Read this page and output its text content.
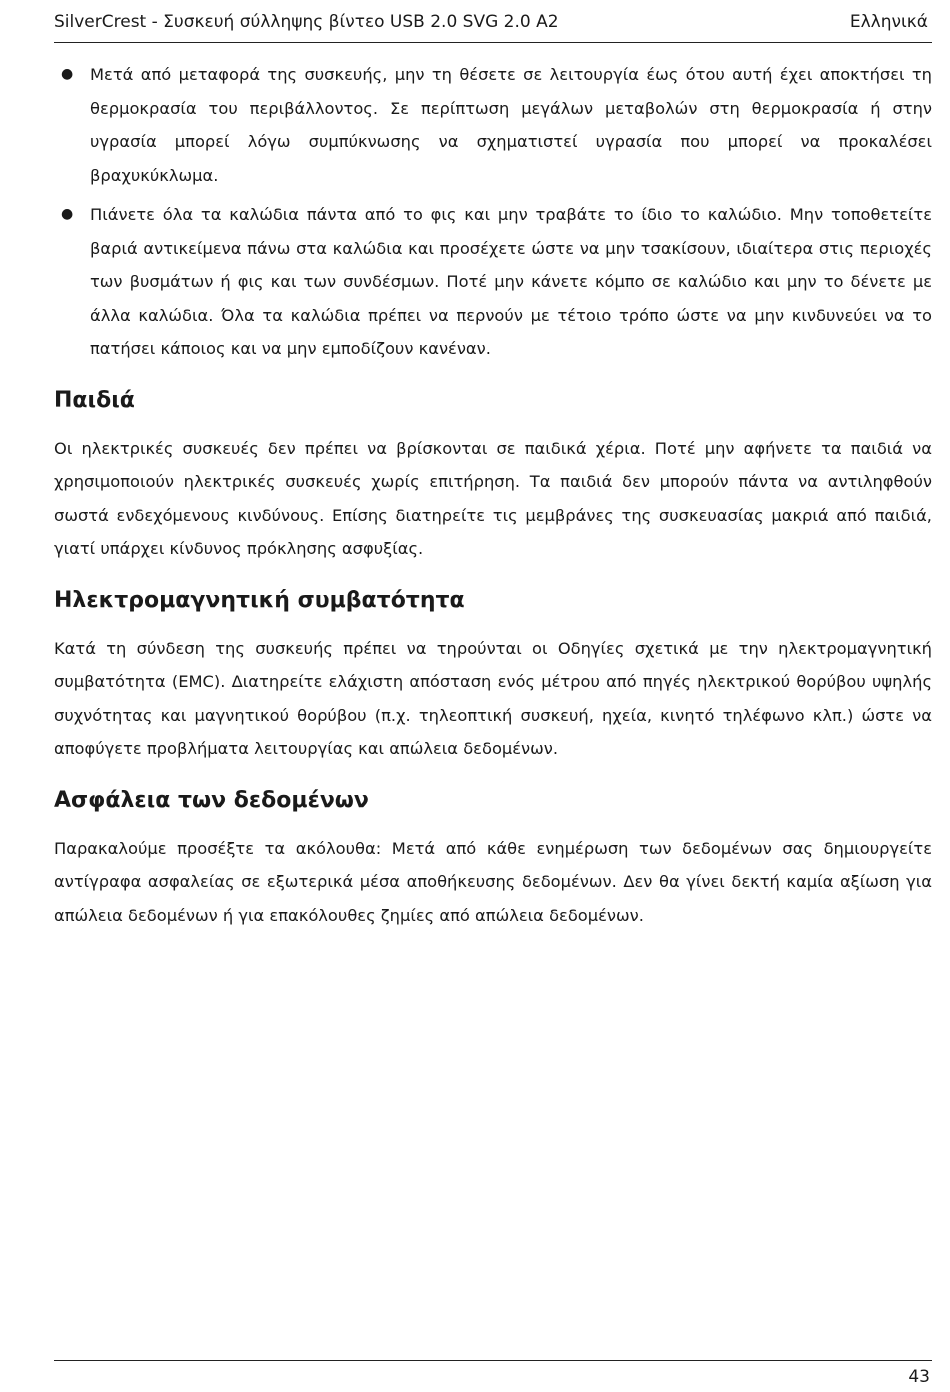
SilverCrest - Συσκευή σύλληψης βίντεο USB 2.0 SVG 2.0 A2	Ελληνικά
● Μετά από μεταφορά της συσκευής, μην τη θέσετε σε λειτουργία έως ότου αυτή έχει αποκτήσει τη θερμοκρασία του περιβάλλοντος. Σε περίπτωση μεγάλων μεταβολών στη θερμοκρασία ή στην υγρασία μπορεί λόγω συμπύκνωσης να σχηματιστεί υγρασία που μπορεί να προκαλέσει βραχυκύκλωμα.
● Πιάνετε όλα τα καλώδια πάντα από το φις και μην τραβάτε το ίδιο το καλώδιο. Μην τοποθετείτε βαριά αντικείμενα πάνω στα καλώδια και προσέχετε ώστε να μην τσακίσουν, ιδιαίτερα στις περιοχές των βυσμάτων ή φις και των συνδέσμων. Ποτέ μην κάνετε κόμπο σε καλώδιο και μην το δένετε με άλλα καλώδια. Όλα τα καλώδια πρέπει να περνούν με τέτοιο τρόπο ώστε να μην κινδυνεύει να το πατήσει κάποιος και να μην εμποδίζουν κανέναν.
Παιδιά

Οι ηλεκτρικές συσκευές δεν πρέπει να βρίσκονται σε παιδικά χέρια. Ποτέ μην αφήνετε τα παιδιά να χρησιμοποιούν ηλεκτρικές συσκευές χωρίς επιτήρηση. Τα παιδιά δεν μπορούν πάντα να αντιληφθούν σωστά ενδεχόμενους κινδύνους. Επίσης διατηρείτε τις μεμβράνες της συσκευασίας μακριά από παιδιά, γιατί υπάρχει κίνδυνος πρόκλησης ασφυξίας.

Ηλεκτρομαγνητική συμβατότητα

Κατά τη σύνδεση της συσκευής πρέπει να τηρούνται οι Οδηγίες σχετικά με την ηλεκτρομαγνητική συμβατότητα (EMC). Διατηρείτε ελάχιστη απόσταση ενός μέτρου από πηγές ηλεκτρικού θορύβου υψηλής συχνότητας και μαγνητικού θορύβου (π.χ. τηλεοπτική συσκευή, ηχεία, κινητό τηλέφωνο κλπ.) ώστε να αποφύγετε προβλήματα λειτουργίας και απώλεια δεδομένων.

Ασφάλεια των δεδομένων

Παρακαλούμε προσέξτε τα ακόλουθα: Μετά από κάθε ενημέρωση των δεδομένων σας δημιουργείτε αντίγραφα ασφαλείας σε εξωτερικά μέσα αποθήκευσης δεδομένων. Δεν θα γίνει δεκτή καμία αξίωση για απώλεια δεδομένων ή για επακόλουθες ζημίες από απώλεια δεδομένων.

43
